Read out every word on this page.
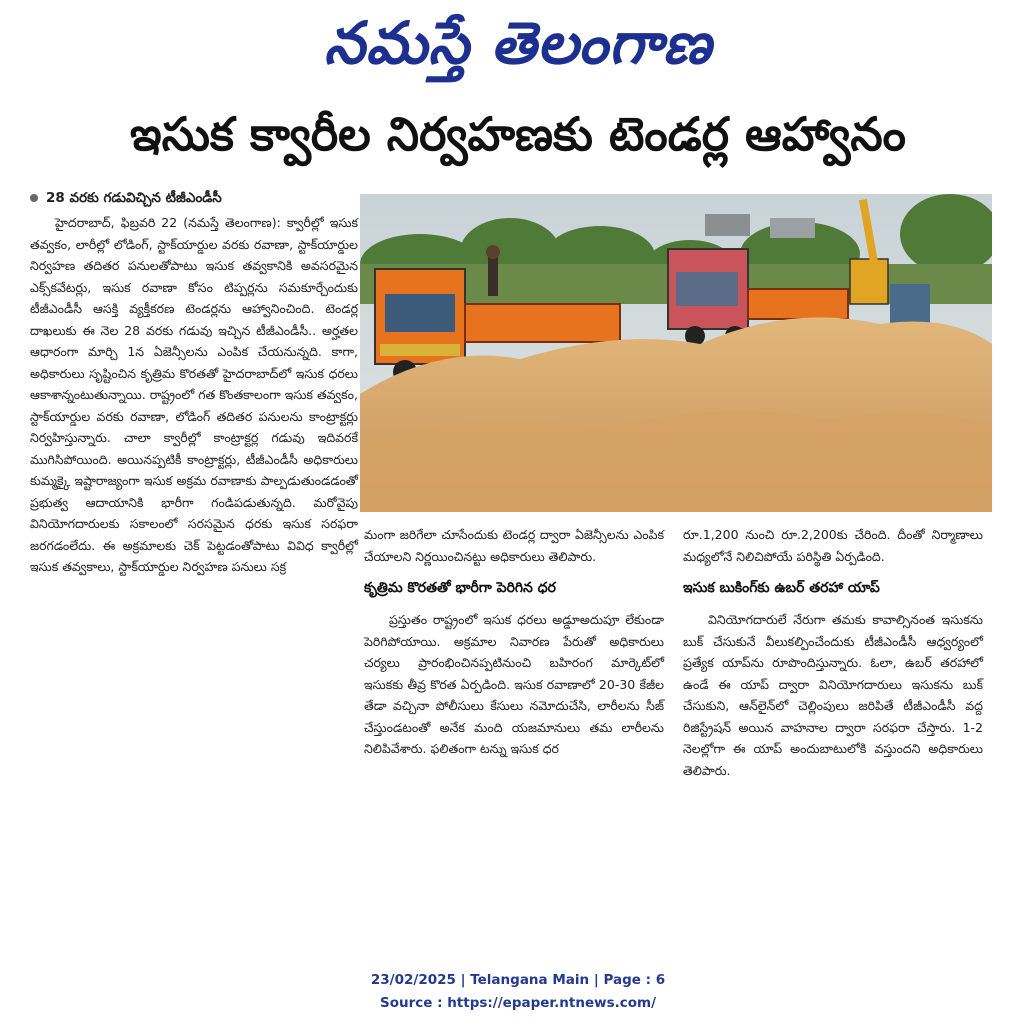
నమస్తే తెలంగాణ
ఇసుక క్వారీల నిర్వహణకు టెండర్ల ఆహ్వానం
28 వరకు గడువిచ్చిన టీజీఎండీసీ

హైదరాబాద్, ఫిబ్రవరి 22 (నమస్తే తెలంగాణ): క్వారీల్లో ఇసుక తవ్వకం, లారీల్లో లోడింగ్, స్టాక్‌యార్డుల వరకు రవాణా, స్టాక్‌యార్డుల నిర్వహణ తదితర పనులతోపాటు ఇసుక తవ్వకానికి అవసరమైన ఎక్స్‌కవేటర్లు, ఇసుక రవాణా కోసం టిప్పర్లను సమకూర్చేందుకు టీజీఎండీసీ ఆసక్తి వ్యక్తీకరణ టెండర్లను ఆహ్వానించింది. టెండర్ల దాఖలుకు ఈ నెల 28 వరకు గడువు ఇచ్చిన టీజీఎండీసీ.. అర్హతల ఆధారంగా మార్చి 1న ఏజెన్సీలను ఎంపిక చేయనున్నది. కాగా, అధికారులు సృష్టించిన కృత్రిమ కొరతతో హైదరాబాద్‌లో ఇసుక ధరలు ఆకాశాన్నంటుతున్నాయి. రాష్ట్రంలో గత కొంతకాలంగా ఇసుక తవ్వకం, స్టాక్‌యార్డుల వరకు రవాణా, లోడింగ్ తదితర పనులను కాంట్రాక్టర్లు నిర్వహిస్తున్నారు. చాలా క్వారీల్లో కాంట్రాక్టర్ల గడువు ఇదివరకే ముగిసిపోయింది. అయినప్పటికీ కాంట్రాక్టర్లు, టీజీఎండీసీ అధికారులు కుమ్మక్కై ఇష్టారాజ్యంగా ఇసుక అక్రమ రవాణాకు పాల్పడుతుండడంతో ప్రభుత్వ ఆదాయానికి భారీగా గండిపడుతున్నది. మరోవైపు వినియోగదారులకు సకాలంలో సరసమైన ధరకు ఇసుక సరఫరా జరగడంలేదు. ఈ అక్రమాలకు చెక్ పెట్టడంతోపాటు వివిధ క్వారీల్లో ఇసుక తవ్వకాలు, స్టాక్‌యార్డుల నిర్వహణ పనులు సక్ర

మంగా జరిగేలా చూసేందుకు టెండర్ల ద్వారా ఏజెన్సీలను ఎంపిక చేయాలని నిర్ణయించినట్టు అధికారులు తెలిపారు.

కృత్రిమ కొరతతో భారీగా పెరిగిన ధర

ప్రస్తుతం రాష్ట్రంలో ఇసుక ధరలు అడ్డూఅదుపూ లేకుండా పెరిగిపోయాయి. అక్రమాల నివారణ పేరుతో అధికారులు చర్యలు ప్రారంభించినప్పటినుంచి బహిరంగ మార్కెట్‌లో ఇసుకకు తీవ్ర కొరత ఏర్పడింది. ఇసుక రవాణాలో 20-30 కేజీల తేడా వచ్చినా పోలీసులు కేసులు నమోదుచేసి, లారీలను సీజ్ చేస్తుండటంతో అనేక మంది యజమానులు తమ లారీలను నిలిపివేశారు. ఫలితంగా టన్ను ఇసుక ధర

రూ.1,200 నుంచి రూ.2,200కు చేరింది. దీంతో నిర్మాణాలు మధ్యలోనే నిలిచిపోయే పరిస్థితి ఏర్పడింది.

ఇసుక బుకింగ్‌కు ఉబర్ తరహా యాప్

వినియోగదారులే నేరుగా తమకు కావాల్సినంత ఇసుకను బుక్ చేసుకునే వీలుకల్పించేందుకు టీజీఎండీసీ ఆధ్వర్యంలో ప్రత్యేక యాప్‌ను రూపొందిస్తున్నారు. ఓలా, ఉబర్ తరహాలో ఉండే ఈ యాప్ ద్వారా వినియోగదారులు ఇసుకను బుక్ చేసుకుని, ఆన్‌లైన్‌లో చెల్లింపులు జరిపితే టీజీఎండీసీ వద్ద రిజిస్ట్రేషన్ అయిన వాహనాల ద్వారా సరఫరా చేస్తారు. 1-2 నెలల్లోగా ఈ యాప్ అందుబాటులోకి వస్తుందని అధికారులు తెలిపారు.

23/02/2025 | Telangana Main | Page : 6
Source : https://epaper.ntnews.com/
